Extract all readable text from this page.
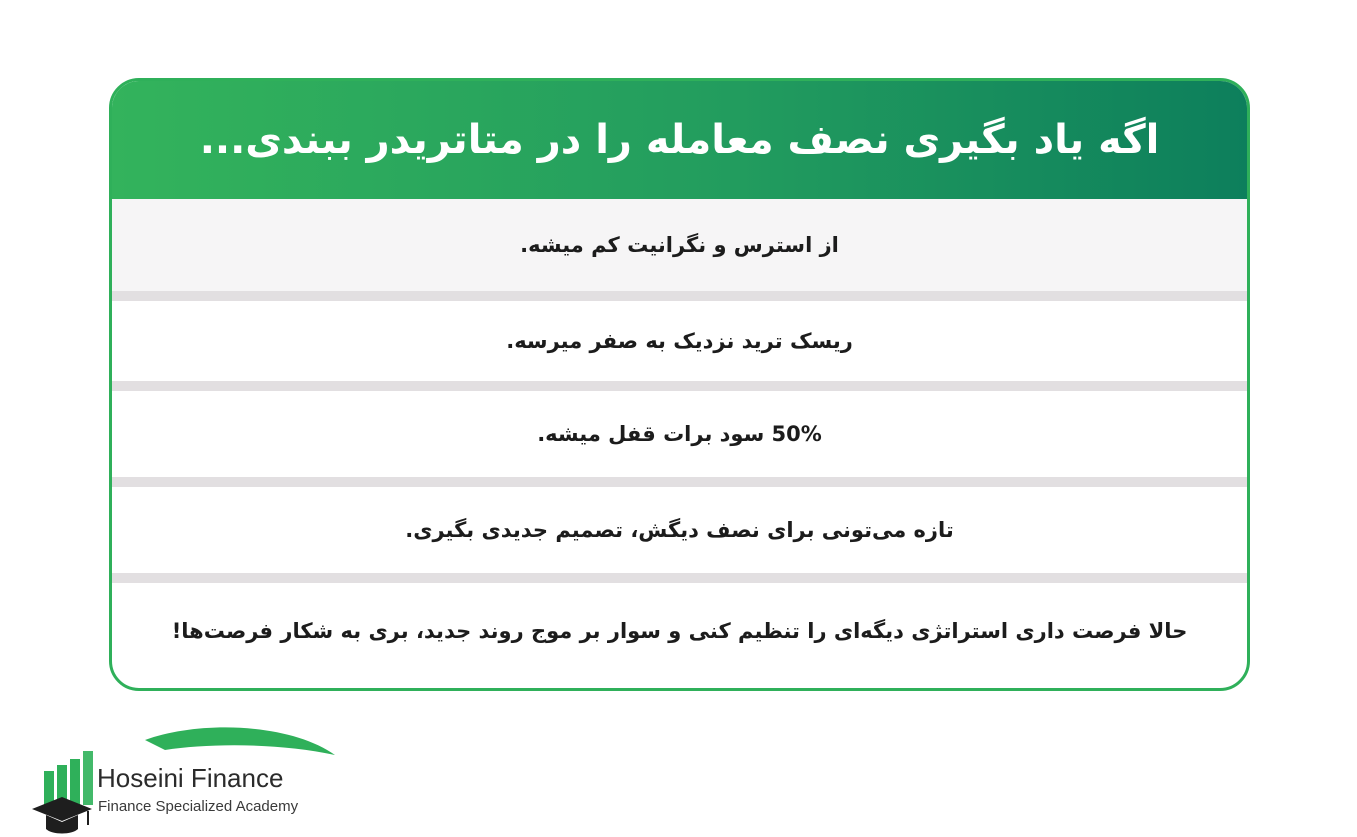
اگه یاد بگیری نصف معامله را در متاتریدر ببندی...
از استرس و نگرانیت کم میشه.
ریسک ترید نزدیک به صفر میرسه.
50% سود برات قفل میشه.
تازه می‌تونی برای نصف دیگش، تصمیم جدیدی بگیری.
حالا فرصت داری استراتژی دیگه‌ای را تنظیم کنی و سوار بر موج روند جدید، بری به شکار فرصت‌ها!
Hoseini Finance
Finance Specialized Academy
